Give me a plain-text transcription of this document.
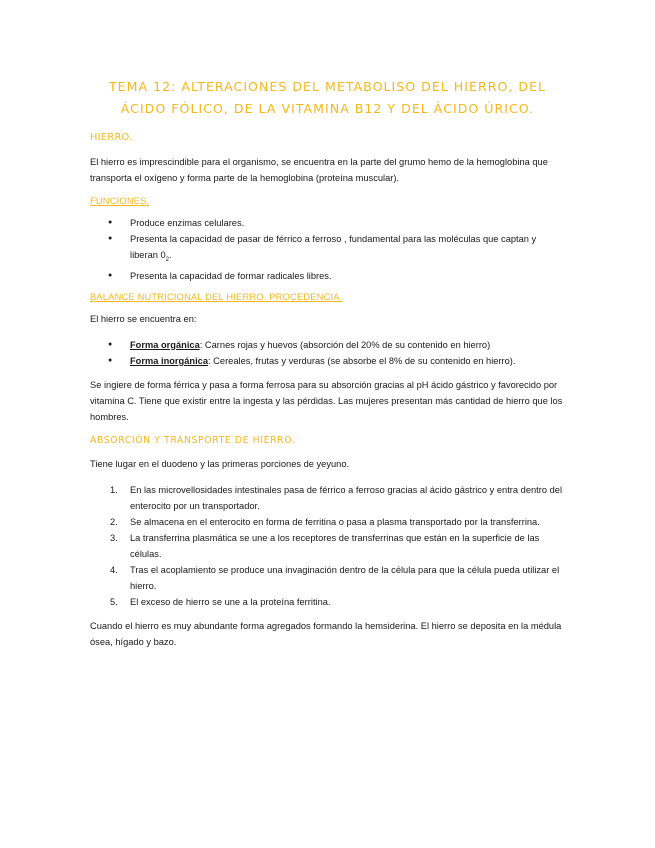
TEMA 12: ALTERACIONES DEL METABOLISO DEL HIERRO, DEL ÁCIDO FÓLICO, DE LA VITAMINA B12 Y DEL ÁCIDO ÚRICO.
HIERRO.

El hierro es imprescindible para el organismo, se encuentra en la parte del grumo hemo de la hemoglobina que transporta el oxígeno y forma parte de la hemoglobina (proteína muscular).

FUNCIONES.
● Produce enzimas celulares.
● Presenta la capacidad de pasar de férrico a ferroso , fundamental para las moléculas que captan y liberan $0_2$.
● Presenta la capacidad de formar radicales libres.
BALANCE NUTRICIONAL DEL HIERRO. PROCEDENCIA.

El hierro se encuentra en:

● Forma orgánica: Carnes rojas y huevos (absorción del 20% de su contenido en hierro)
● Forma inorgánica: Cereales, frutas y verduras (se absorbe el 8% de su contenido en hierro).

Se ingiere de forma férrica y pasa a forma ferrosa para su absorción gracias al pH ácido gástrico y favorecido por vitamina C. Tiene que existir entre la ingesta y las pérdidas. Las mujeres presentan más cantidad de hierro que los hombres.

ABSORCIÓN Y TRANSPORTE DE HIERRO.

Tiene lugar en el duodeno y las primeras porciones de yeyuno.

1. En las microvellosidades intestinales pasa de férrico a ferroso gracias al ácido gástrico y entra dentro del enterocito por un transportador.
2. Se almacena en el enterocito en forma de ferritina o pasa a plasma transportado por la transferrina.
3. La transferrina plasmática se une a los receptores de transferrinas que están en la superficie de las células.
4. Tras el acoplamiento se produce una invaginación dentro de la célula para que la célula pueda utilizar el hierro.
5. El exceso de hierro se une a la proteína ferritina.

Cuando el hierro es muy abundante forma agregados formando la hemsiderina. El hierro se deposita en la médula ósea, hígado y bazo.
